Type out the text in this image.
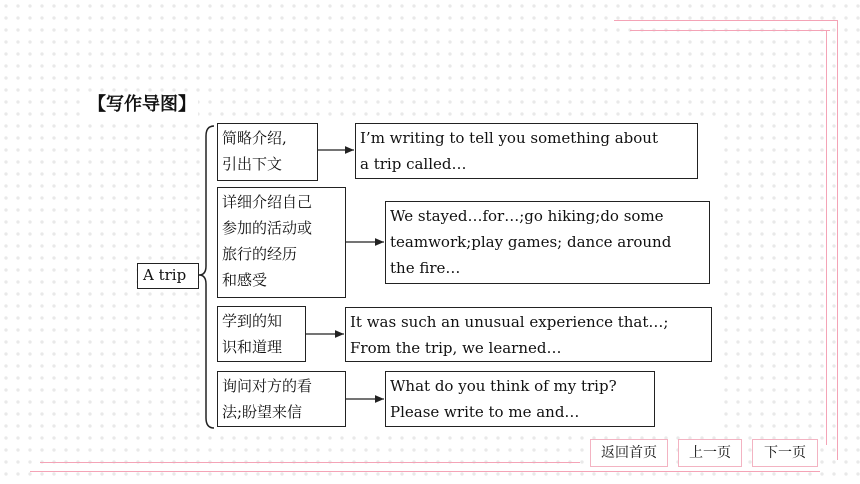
【写作导图】
A trip
简略介绍,
引出下文
I’m writing to tell you something about
a trip called…
详细介绍自己
参加的活动或
旅行的经历
和感受
We stayed…for…;go hiking;do some
teamwork;play games; dance around
the fire…
学到的知
识和道理
It was such an unusual experience that…;
From the trip, we learned…
询问对方的看
法;盼望来信
What do you think of my trip?
Please write to me and…
返回首页	上一页	下一页
